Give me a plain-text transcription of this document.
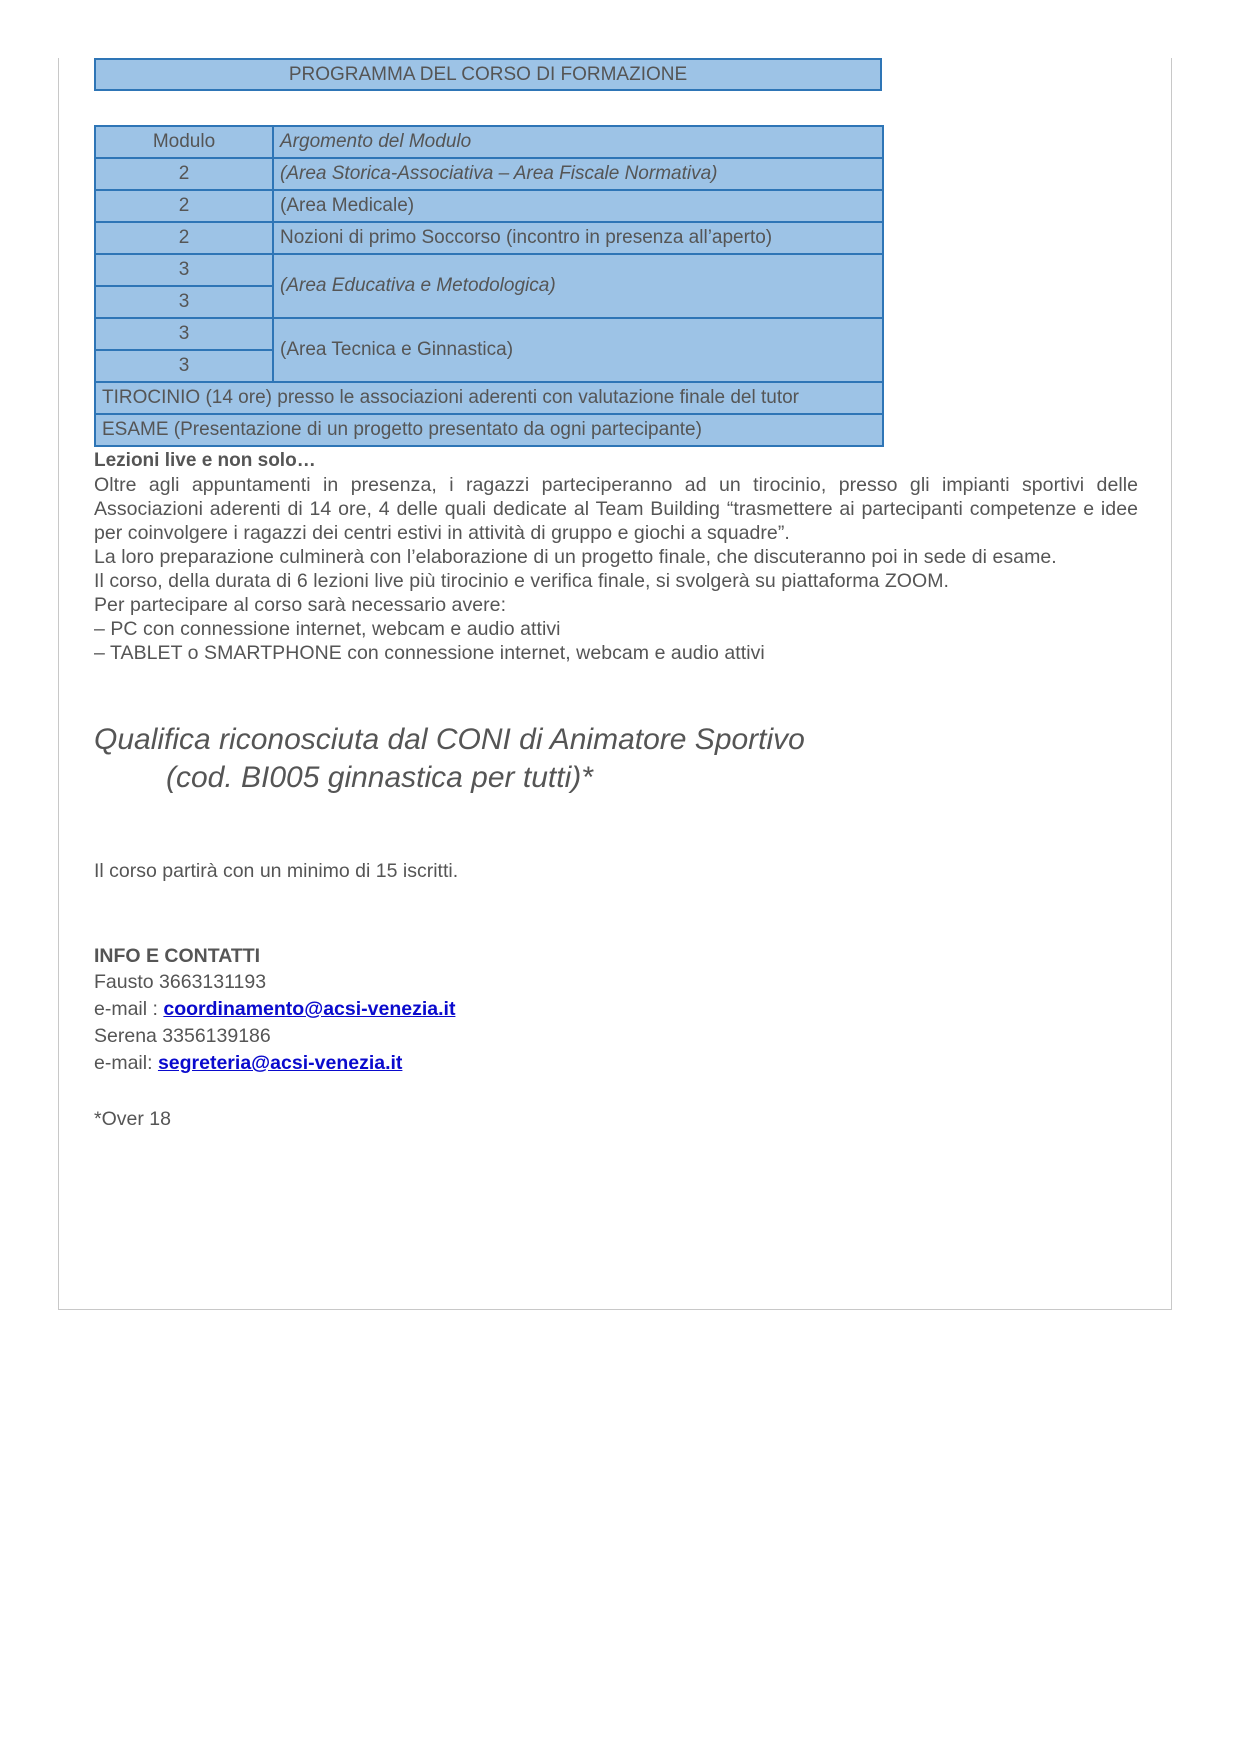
PROGRAMMA DEL CORSO DI FORMAZIONE
Modulo	Argomento del Modulo
2	(Area Storica-Associativa – Area Fiscale Normativa)
2	(Area Medicale)
2	Nozioni di primo Soccorso (incontro in presenza all’aperto)
3	(Area Educativa e Metodologica)
3	
3	(Area Tecnica e Ginnastica)
3	
TIROCINIO (14 ore) presso le associazioni aderenti con valutazione finale del tutor	
ESAME (Presentazione di un progetto presentato da ogni partecipante)	
Lezioni live e non solo…

Oltre agli appuntamenti in presenza, i ragazzi parteciperanno ad un tirocinio, presso gli impianti sportivi delle Associazioni aderenti di 14 ore, 4 delle quali dedicate al Team Building “trasmettere ai partecipanti competenze e idee per coinvolgere i ragazzi dei centri estivi in attività di gruppo e giochi a squadre”.

La loro preparazione culminerà con l’elaborazione di un progetto finale, che discuteranno poi in sede di esame.

Il corso, della durata di 6 lezioni live più tirocinio e verifica finale, si svolgerà su piattaforma ZOOM.

Per partecipare al corso sarà necessario avere:

– PC con connessione internet, webcam e audio attivi

– TABLET o SMARTPHONE con connessione internet, webcam e audio attivi

Qualifica riconosciuta dal CONI di Animatore Sportivo
(cod. BI005 ginnastica per tutti)*
Il corso partirà con un minimo di 15 iscritti.
INFO E CONTATTI
Fausto 3663131193
e-mail : coordinamento@acsi-venezia.it
Serena 3356139186
e-mail: segreteria@acsi-venezia.it
*Over 18
